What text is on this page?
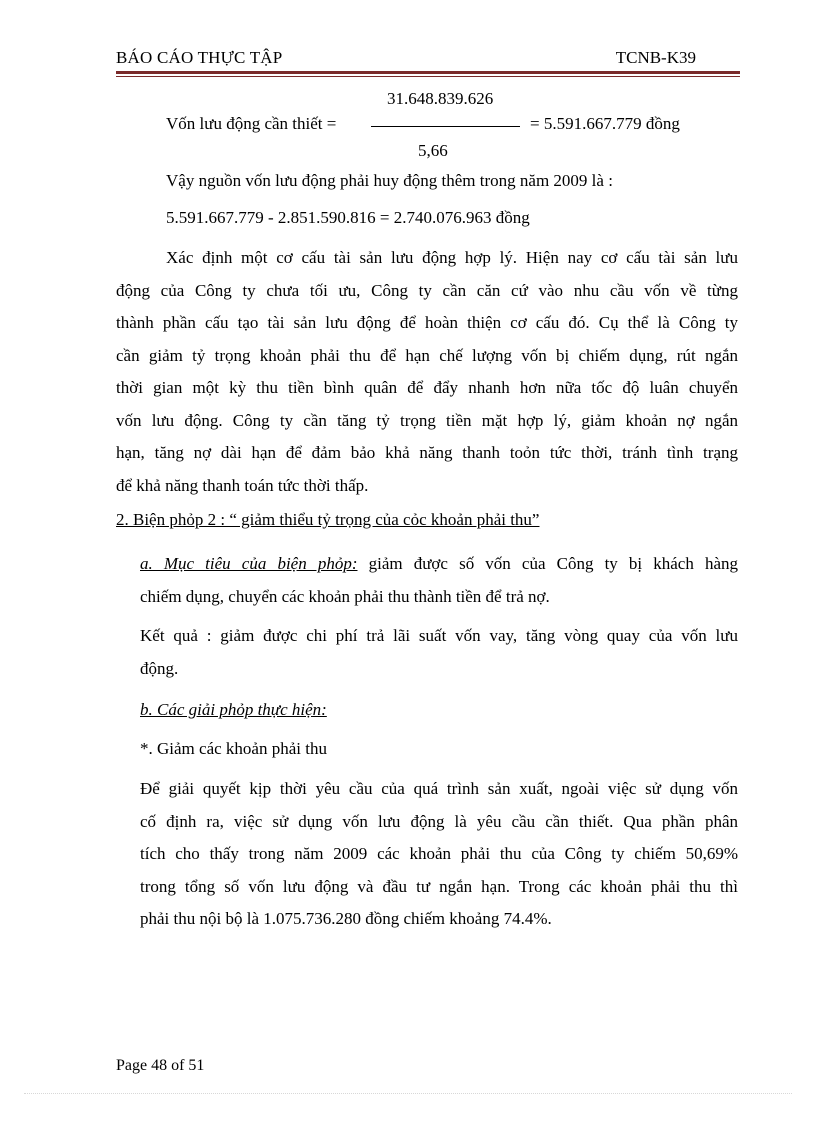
BÁO CÁO THỰC TẬP	TCNB-K39
31.648.839.626
Vốn lưu động cần thiết =	= 5.591.667.779 đồng
5,66
Vậy nguồn vốn lưu động phải huy động thêm trong năm 2009 là :
5.591.667.779 - 2.851.590.816 = 2.740.076.963 đồng
Xác định một cơ cấu tài sản lưu động hợp lý. Hiện nay cơ cấu tài sản lưu
động của Công ty chưa tối ưu, Công ty cần căn cứ vào nhu cầu vốn về từng
thành phần cấu tạo tài sản lưu động để hoàn thiện cơ cấu đó. Cụ thể là Công ty
cần giảm tỷ trọng khoản phải thu để hạn chế lượng vốn bị chiếm dụng, rút ngắn
thời gian một kỳ thu tiền bình quân để đẩy nhanh hơn nữa tốc độ luân chuyển
vốn lưu động. Công ty cần tăng tỷ trọng tiền mặt hợp lý, giảm khoản nợ ngắn
hạn, tăng nợ dài hạn để đảm bảo khả năng thanh toỏn tức thời, tránh tình trạng
để khả năng thanh toán tức thời thấp.
2. Biện phỏp 2 : “ giảm thiểu tỷ trọng của cỏc khoản phải thu”
a. Mục tiêu của biện phỏp: giảm được số vốn của Công ty bị khách hàng
chiếm dụng, chuyển các khoản phải thu thành tiền để trả nợ.
Kết quả : giảm được chi phí trả lãi suất vốn vay, tăng vòng quay của vốn lưu
động.
b. Các giải phỏp thực hiện:
*. Giảm các khoản phải thu
Để giải quyết kịp thời yêu cầu của quá trình sản xuất, ngoài việc sử dụng vốn
cố định ra, việc sử dụng vốn lưu động là yêu cầu cần thiết. Qua phần phân
tích cho thấy trong năm 2009 các khoản phải thu của Công ty chiếm 50,69%
trong tổng số vốn lưu động và đầu tư ngắn hạn. Trong các khoản phải thu thì
phải thu nội bộ là 1.075.736.280 đồng chiếm khoảng 74.4%.
Page 48 of 51
